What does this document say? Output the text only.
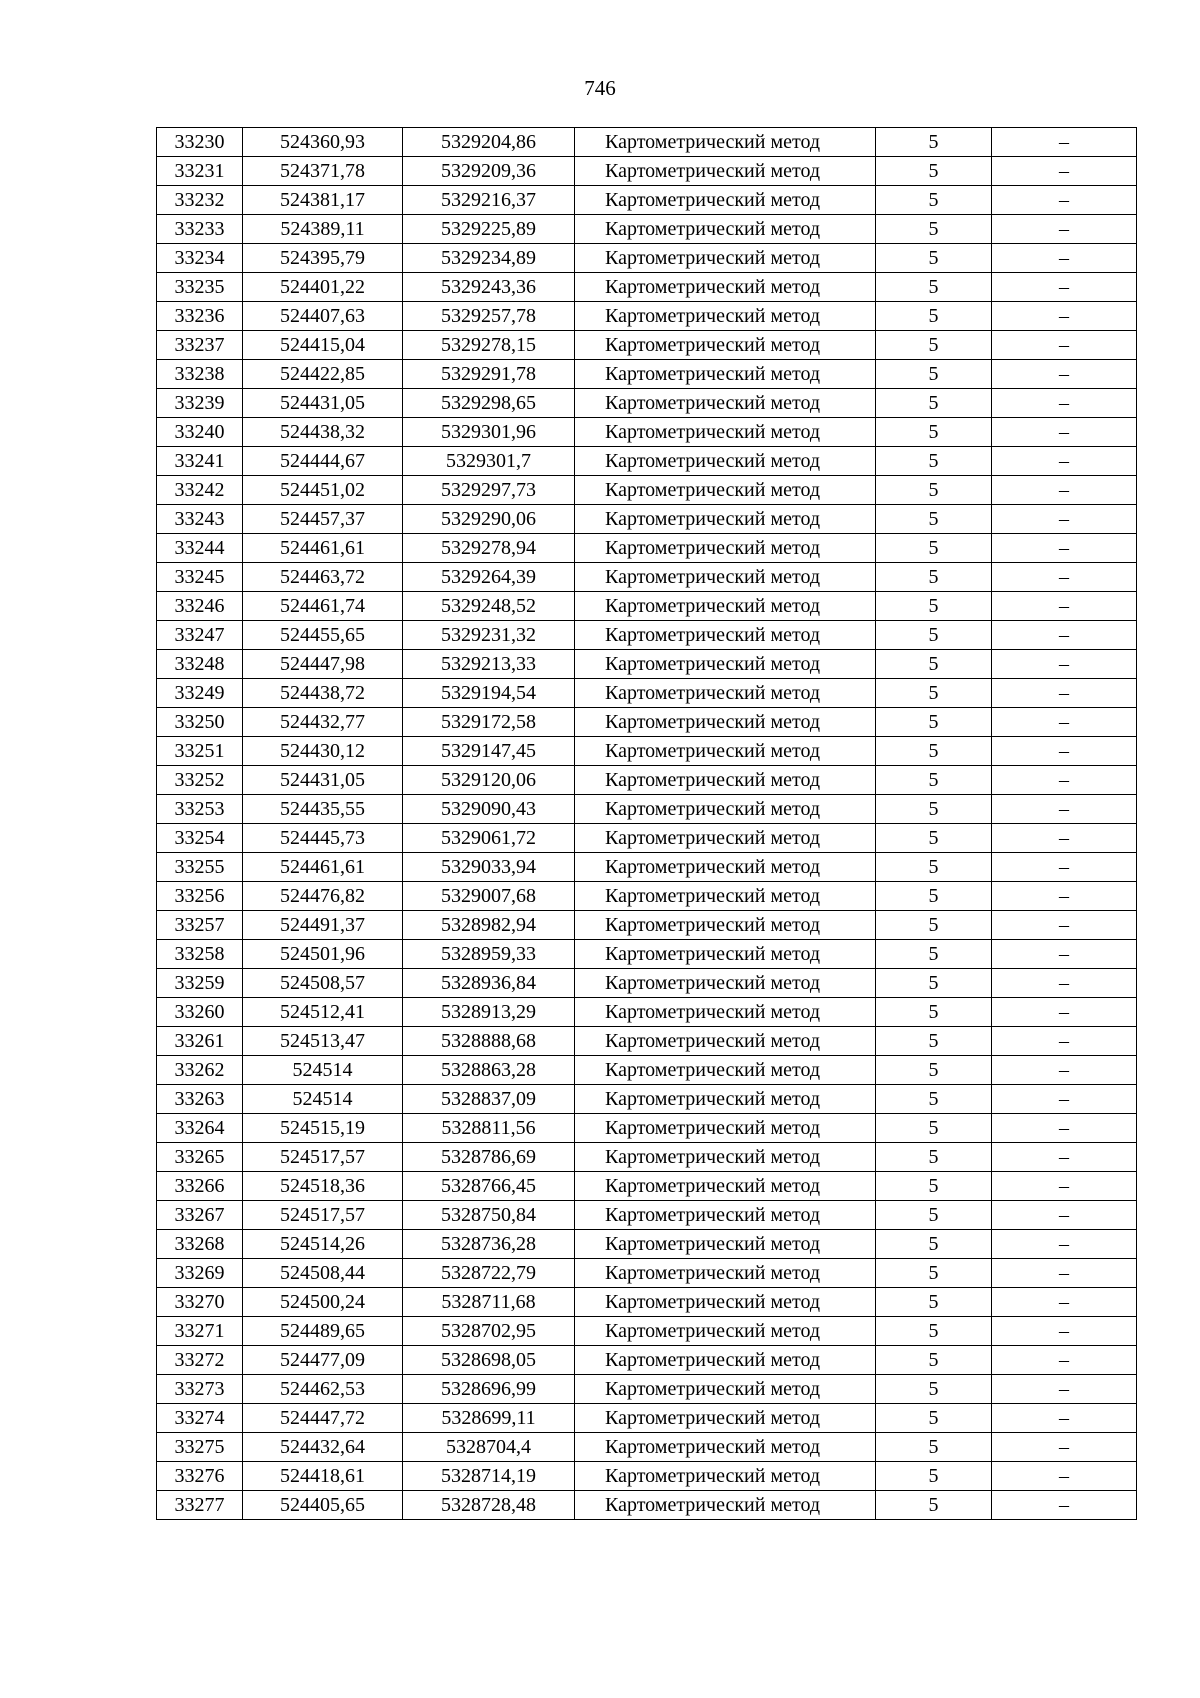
746
33230	524360,93	5329204,86	Картометрический метод	5	–
33231	524371,78	5329209,36	Картометрический метод	5	–
33232	524381,17	5329216,37	Картометрический метод	5	–
33233	524389,11	5329225,89	Картометрический метод	5	–
33234	524395,79	5329234,89	Картометрический метод	5	–
33235	524401,22	5329243,36	Картометрический метод	5	–
33236	524407,63	5329257,78	Картометрический метод	5	–
33237	524415,04	5329278,15	Картометрический метод	5	–
33238	524422,85	5329291,78	Картометрический метод	5	–
33239	524431,05	5329298,65	Картометрический метод	5	–
33240	524438,32	5329301,96	Картометрический метод	5	–
33241	524444,67	5329301,7	Картометрический метод	5	–
33242	524451,02	5329297,73	Картометрический метод	5	–
33243	524457,37	5329290,06	Картометрический метод	5	–
33244	524461,61	5329278,94	Картометрический метод	5	–
33245	524463,72	5329264,39	Картометрический метод	5	–
33246	524461,74	5329248,52	Картометрический метод	5	–
33247	524455,65	5329231,32	Картометрический метод	5	–
33248	524447,98	5329213,33	Картометрический метод	5	–
33249	524438,72	5329194,54	Картометрический метод	5	–
33250	524432,77	5329172,58	Картометрический метод	5	–
33251	524430,12	5329147,45	Картометрический метод	5	–
33252	524431,05	5329120,06	Картометрический метод	5	–
33253	524435,55	5329090,43	Картометрический метод	5	–
33254	524445,73	5329061,72	Картометрический метод	5	–
33255	524461,61	5329033,94	Картометрический метод	5	–
33256	524476,82	5329007,68	Картометрический метод	5	–
33257	524491,37	5328982,94	Картометрический метод	5	–
33258	524501,96	5328959,33	Картометрический метод	5	–
33259	524508,57	5328936,84	Картометрический метод	5	–
33260	524512,41	5328913,29	Картометрический метод	5	–
33261	524513,47	5328888,68	Картометрический метод	5	–
33262	524514	5328863,28	Картометрический метод	5	–
33263	524514	5328837,09	Картометрический метод	5	–
33264	524515,19	5328811,56	Картометрический метод	5	–
33265	524517,57	5328786,69	Картометрический метод	5	–
33266	524518,36	5328766,45	Картометрический метод	5	–
33267	524517,57	5328750,84	Картометрический метод	5	–
33268	524514,26	5328736,28	Картометрический метод	5	–
33269	524508,44	5328722,79	Картометрический метод	5	–
33270	524500,24	5328711,68	Картометрический метод	5	–
33271	524489,65	5328702,95	Картометрический метод	5	–
33272	524477,09	5328698,05	Картометрический метод	5	–
33273	524462,53	5328696,99	Картометрический метод	5	–
33274	524447,72	5328699,11	Картометрический метод	5	–
33275	524432,64	5328704,4	Картометрический метод	5	–
33276	524418,61	5328714,19	Картометрический метод	5	–
33277	524405,65	5328728,48	Картометрический метод	5	–
